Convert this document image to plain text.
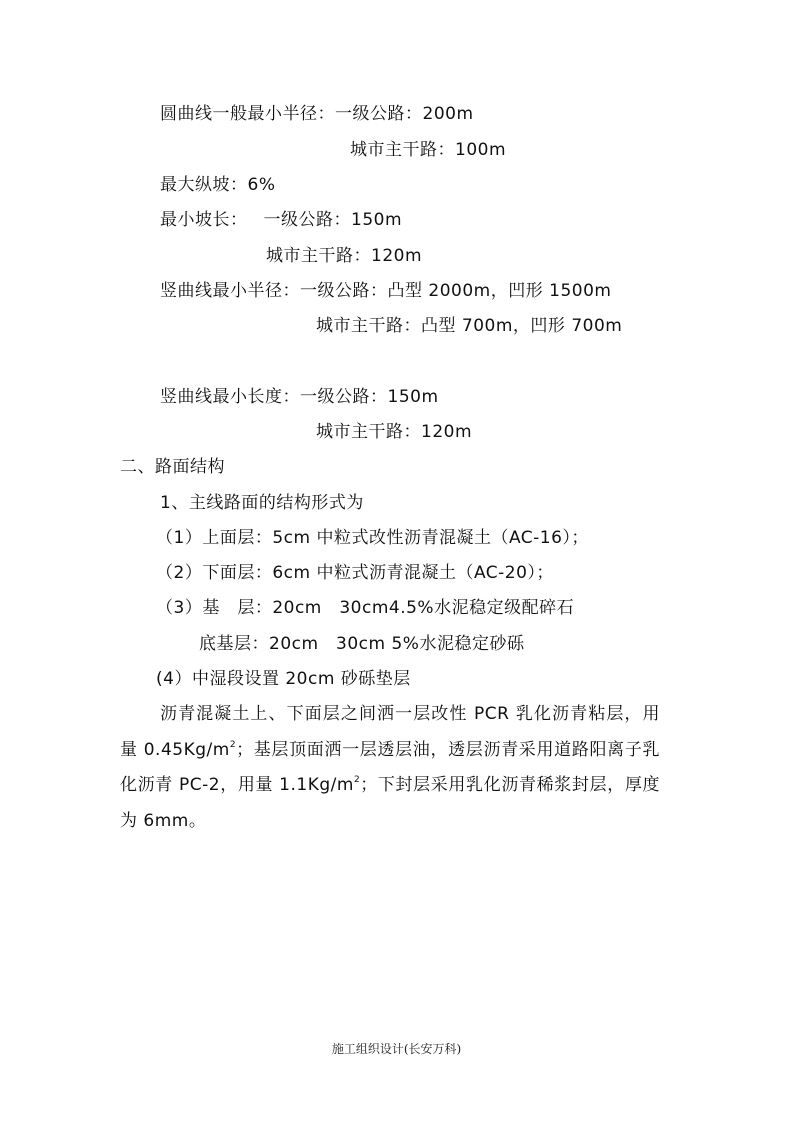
圆曲线一般最小半径：一级公路：200m
城市主干路：100m
最大纵坡：6%
最小坡长： 一级公路：150m
城市主干路：120m
竖曲线最小半径：一级公路：凸型 2000m，凹形 1500m
城市主干路：凸型 700m，凹形 700m
竖曲线最小长度：一级公路：150m
城市主干路：120m
二、路面结构
1、主线路面的结构形式为
（1）上面层：5cm 中粒式改性沥青混凝土（AC-16）；
（2）下面层：6cm 中粒式沥青混凝土（AC-20）；
（3）基　层：20cm　30cm4.5%水泥稳定级配碎石
底基层：20cm　30cm 5%水泥稳定砂砾
(4）中湿段设置 20cm 砂砾垫层
沥青混凝土上、下面层之间洒一层改性 PCR 乳化沥青粘层，用量 $0.45Kg/m^2$；基层顶面洒一层透层油，透层沥青采用道路阳离子乳化沥青 PC-2，用量 $1.1Kg/m^2$；下封层采用乳化沥青稀浆封层，厚度为 6mm。
施工组织设计(长安万科)
